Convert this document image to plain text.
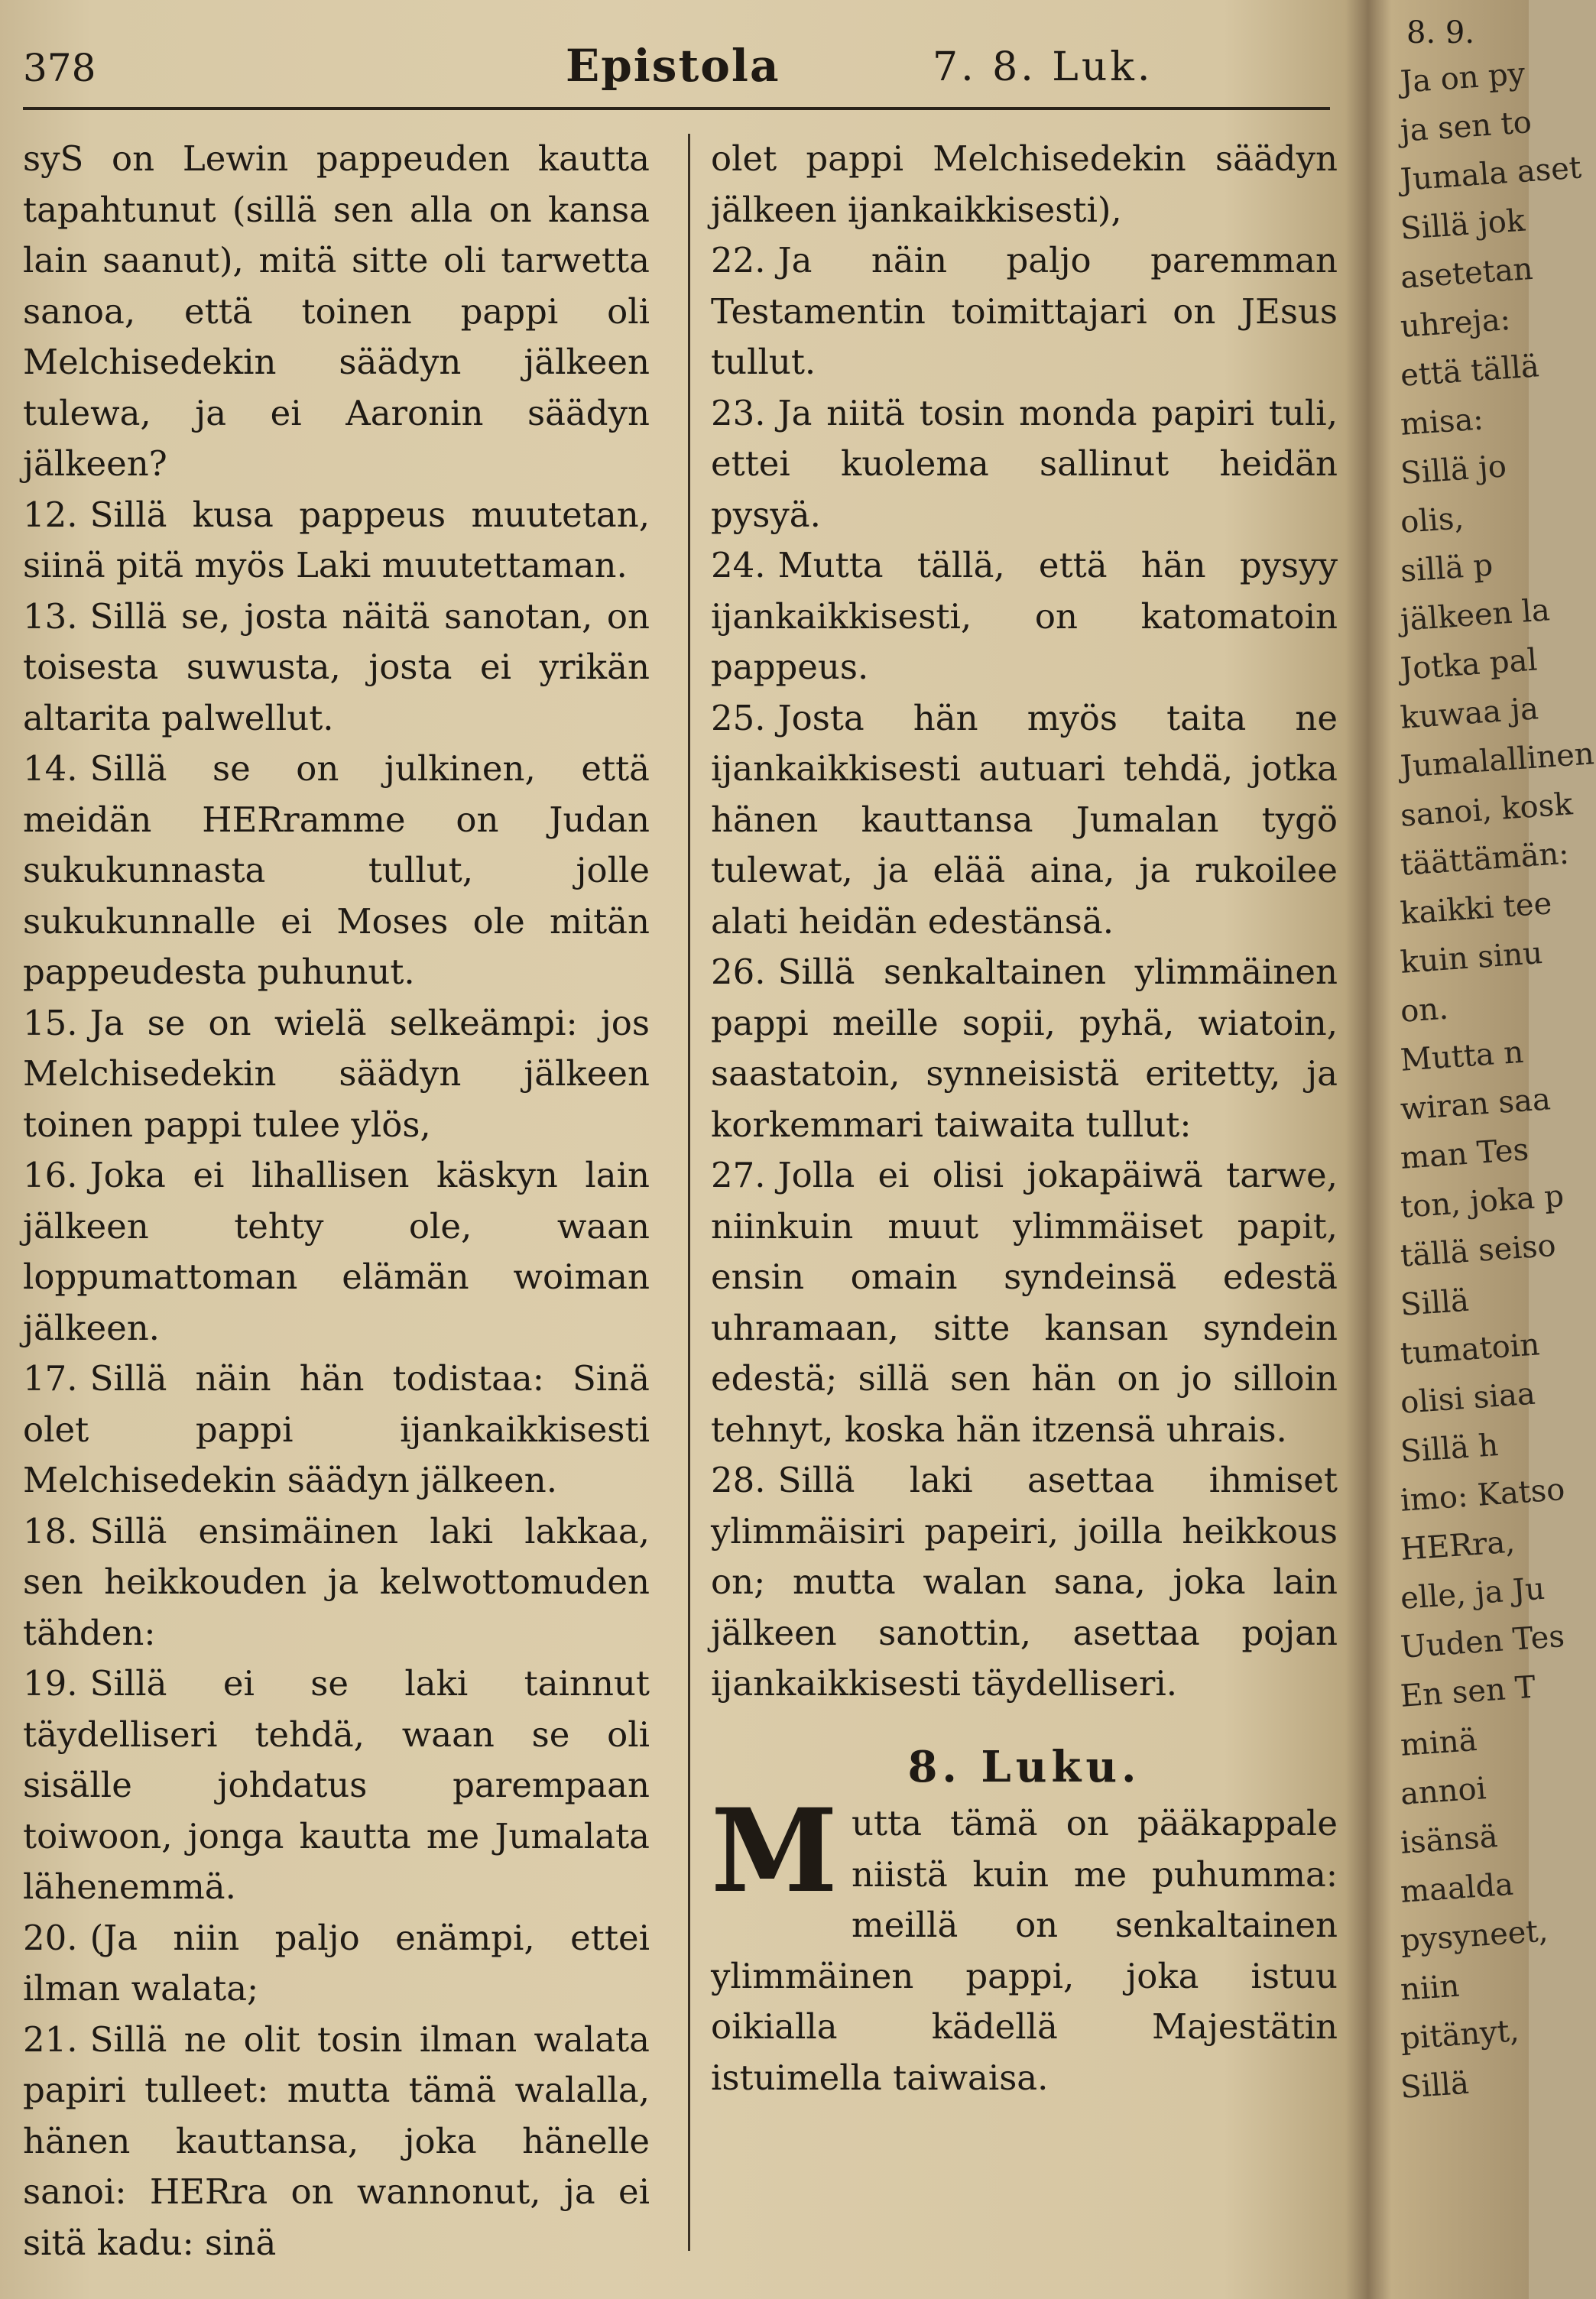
378	Epistola	7. 8. Luk.

syS on Lewin pappeuden kautta tapahtunut (sillä sen alla on kansa lain saanut), mitä sitte oli tarwetta sanoa, että toinen pappi oli Melchisedekin säädyn jälkeen tulewa, ja ei Aaronin säädyn jälkeen?

12. Sillä kusa pappeus muutetan, siinä pitä myös Laki muutettaman.

13. Sillä se, josta näitä sanotan, on toisesta suwusta, josta ei yrikän altarita palwellut.

14. Sillä se on julkinen, että meidän HERramme on Judan sukukunnasta tullut, jolle sukukunnalle ei Moses ole mitän pappeudesta puhunut.

15. Ja se on wielä selkeämpi: jos Melchisedekin säädyn jälkeen toinen pappi tulee ylös,

16. Joka ei lihallisen käskyn lain jälkeen tehty ole, waan loppumattoman elämän woiman jälkeen.

17. Sillä näin hän todistaa: Sinä olet pappi ijankaikkisesti Melchisedekin säädyn jälkeen.

18. Sillä ensimäinen laki lakkaa, sen heikkouden ja kelwottomuden tähden:

19. Sillä ei se laki tainnut täydelliseri tehdä, waan se oli sisälle johdatus parempaan toiwoon, jonga kautta me Jumalata lähenemmä.

20. (Ja niin paljo enämpi, ettei ilman walata;

21. Sillä ne olit tosin ilman walata papiri tulleet: mutta tämä walalla, hänen kauttansa, joka hänelle sanoi: HERra on wannonut, ja ei sitä kadu: sinä

olet pappi Melchisedekin säädyn jälkeen ijankaikkisesti),

22. Ja näin paljo paremman Testamentin toimittajari on JEsus tullut.

23. Ja niitä tosin monda papiri tuli, ettei kuolema sallinut heidän pysyä.

24. Mutta tällä, että hän pysyy ijankaikkisesti, on katomatoin pappeus.

25. Josta hän myös taita ne ijankaikkisesti autuari tehdä, jotka hänen kauttansa Jumalan tygö tulewat, ja elää aina, ja rukoilee alati heidän edestänsä.

26. Sillä senkaltainen ylimmäinen pappi meille sopii, pyhä, wiatoin, saastatoin, synneisistä eritetty, ja korkemmari taiwaita tullut:

27. Jolla ei olisi jokapäiwä tarwe, niinkuin muut ylimmäiset papit, ensin omain syndeinsä edestä uhramaan, sitte kansan syndein edestä; sillä sen hän on jo silloin tehnyt, koska hän itzensä uhrais.

28. Sillä laki asettaa ihmiset ylimmäisiri papeiri, joilla heikkous on; mutta walan sana, joka lain jälkeen sanottin, asettaa pojan ijankaikkisesti täydelliseri.

8. Luku.

Mutta tämä on pääkappale niistä kuin me puhumma: meillä on senkaltainen ylimmäinen pappi, joka istuu oikialla kädellä Majestätin istuimella taiwaisa.

8. 9.
Ja on py
ja sen to
Jumala aset
Sillä jok
asetetan
uhreja:
että tällä
misa:
Sillä jo
olis,
sillä p
jälkeen la
Jotka pal
kuwaa ja
Jumalallinen
sanoi, kosk
täättämän:
kaikki tee
kuin sinu
on.
Mutta n
wiran saa
man Tes
ton, joka p
tällä seiso
Sillä
tumatoin
olisi siaa
Sillä h
imo: Katso
HERra,
elle, ja Ju
Uuden Tes
En sen T
minä
annoi
isänsä
maalda
pysyneet,
niin
pitänyt,
Sillä
